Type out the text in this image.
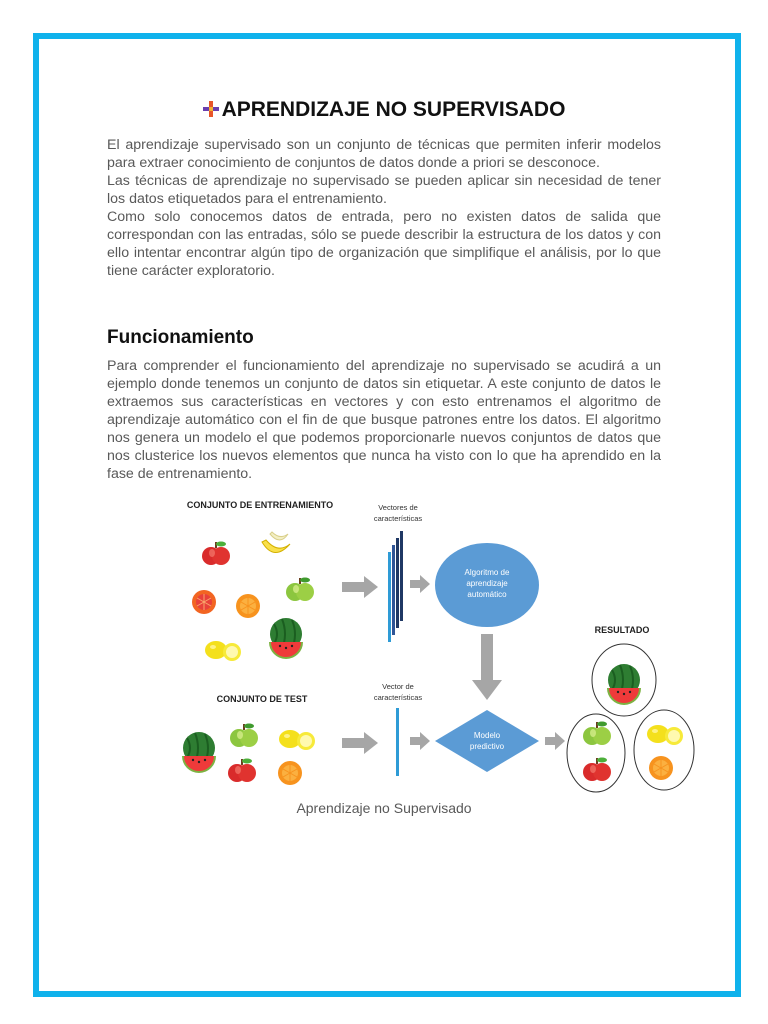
APRENDIZAJE NO SUPERVISADO

El aprendizaje supervisado son un conjunto de técnicas que permiten inferir modelos para extraer conocimiento de conjuntos de datos donde a priori se desconoce.

Las técnicas de aprendizaje no supervisado se pueden aplicar sin necesidad de tener los datos etiquetados para el entrenamiento.

Como solo conocemos datos de entrada, pero no existen datos de salida que correspondan con las entradas, sólo se puede describir la estructura de los datos y con ello intentar encontrar algún tipo de organización que simplifique el análisis, por lo que tiene carácter exploratorio.

Funcionamiento

Para comprender el funcionamiento del aprendizaje no supervisado se acudirá a un ejemplo donde tenemos un conjunto de datos sin etiquetar. A este conjunto de datos le extraemos sus características en vectores y con esto entrenamos el algoritmo de aprendizaje automático con el fin de que busque patrones entre los datos. El algoritmo nos genera un modelo el que podemos proporcionarle nuevos conjuntos de datos que nos clusterice los nuevos elementos que nunca ha visto con lo que ha aprendido en la fase de entrenamiento.

CONJUNTO DE ENTRENAMIENTO	Vectores de
características
Algoritmo de
aprendizaje
automático
CONJUNTO DE TEST
Vector de
características
Modelo
predictivo
RESULTADO
Aprendizaje no Supervisado
